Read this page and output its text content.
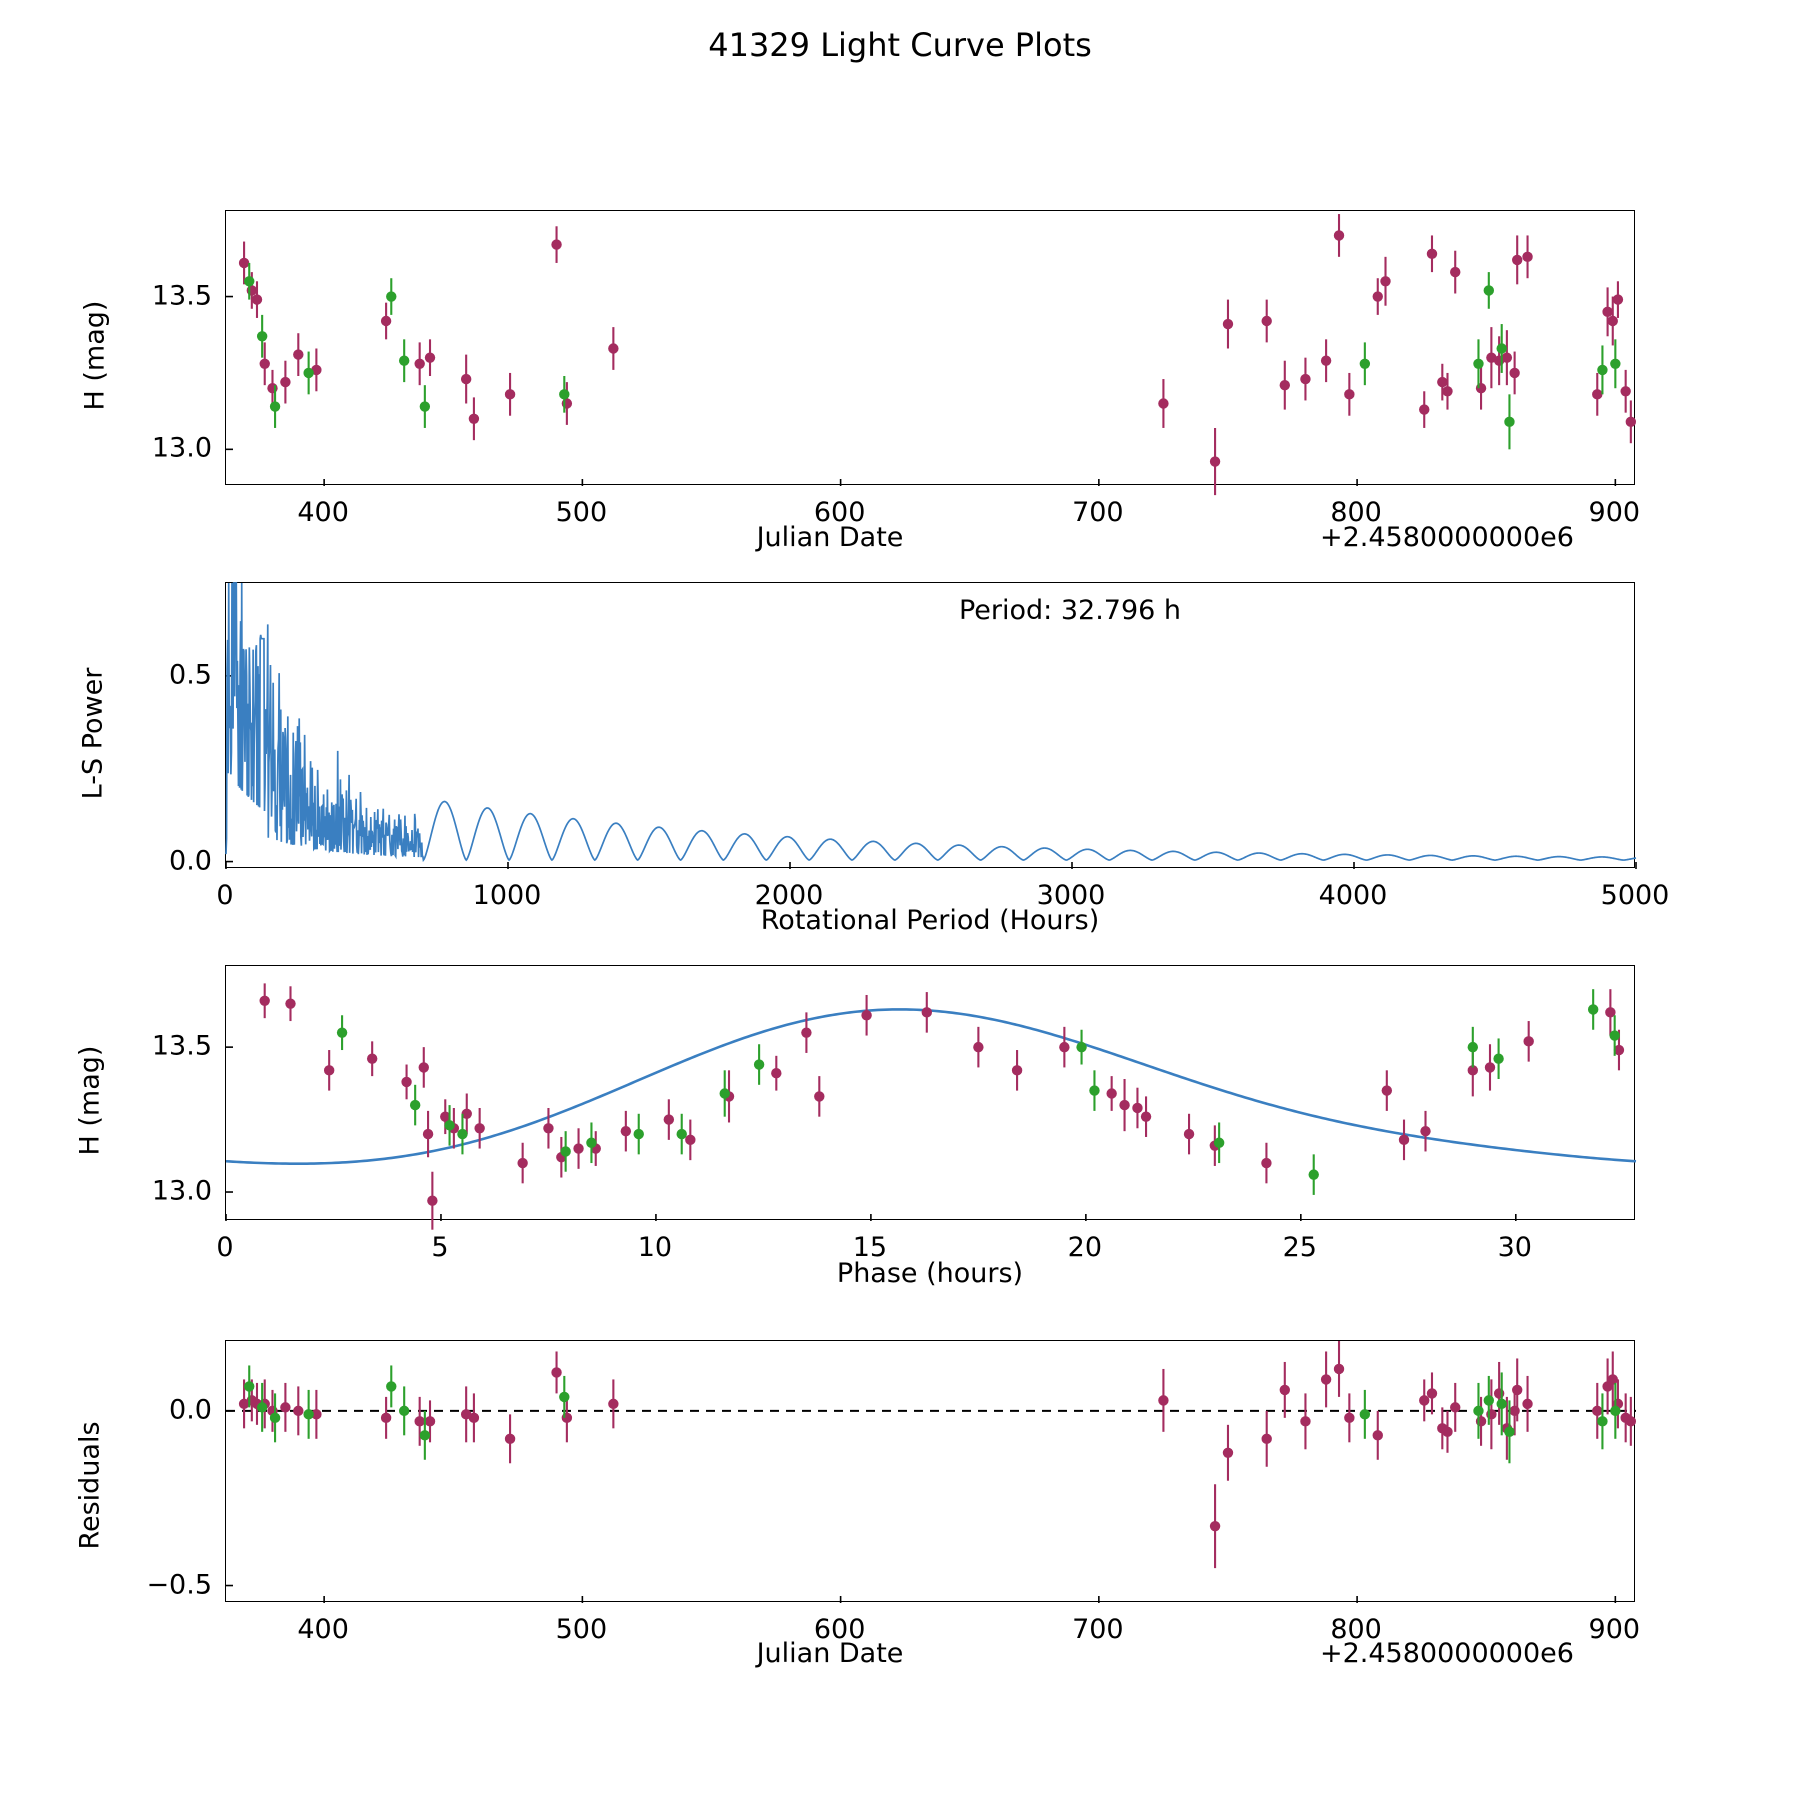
41329 Light Curve Plots
H (mag)
Julian Date	+2.4580000000e6
Period: 32.796 h
L-S Power
Rotational Period (Hours)
H (mag)
Phase (hours)
Residuals
Julian Date	+2.4580000000e6
400	500	600	700	800	900
13.0
13.5
0	1000	2000	3000	4000	5000
0.0
0.5
0	5	10	15	20	25	30
13.0
13.5
400	500	600	700	800	900
−0.5
0.0
